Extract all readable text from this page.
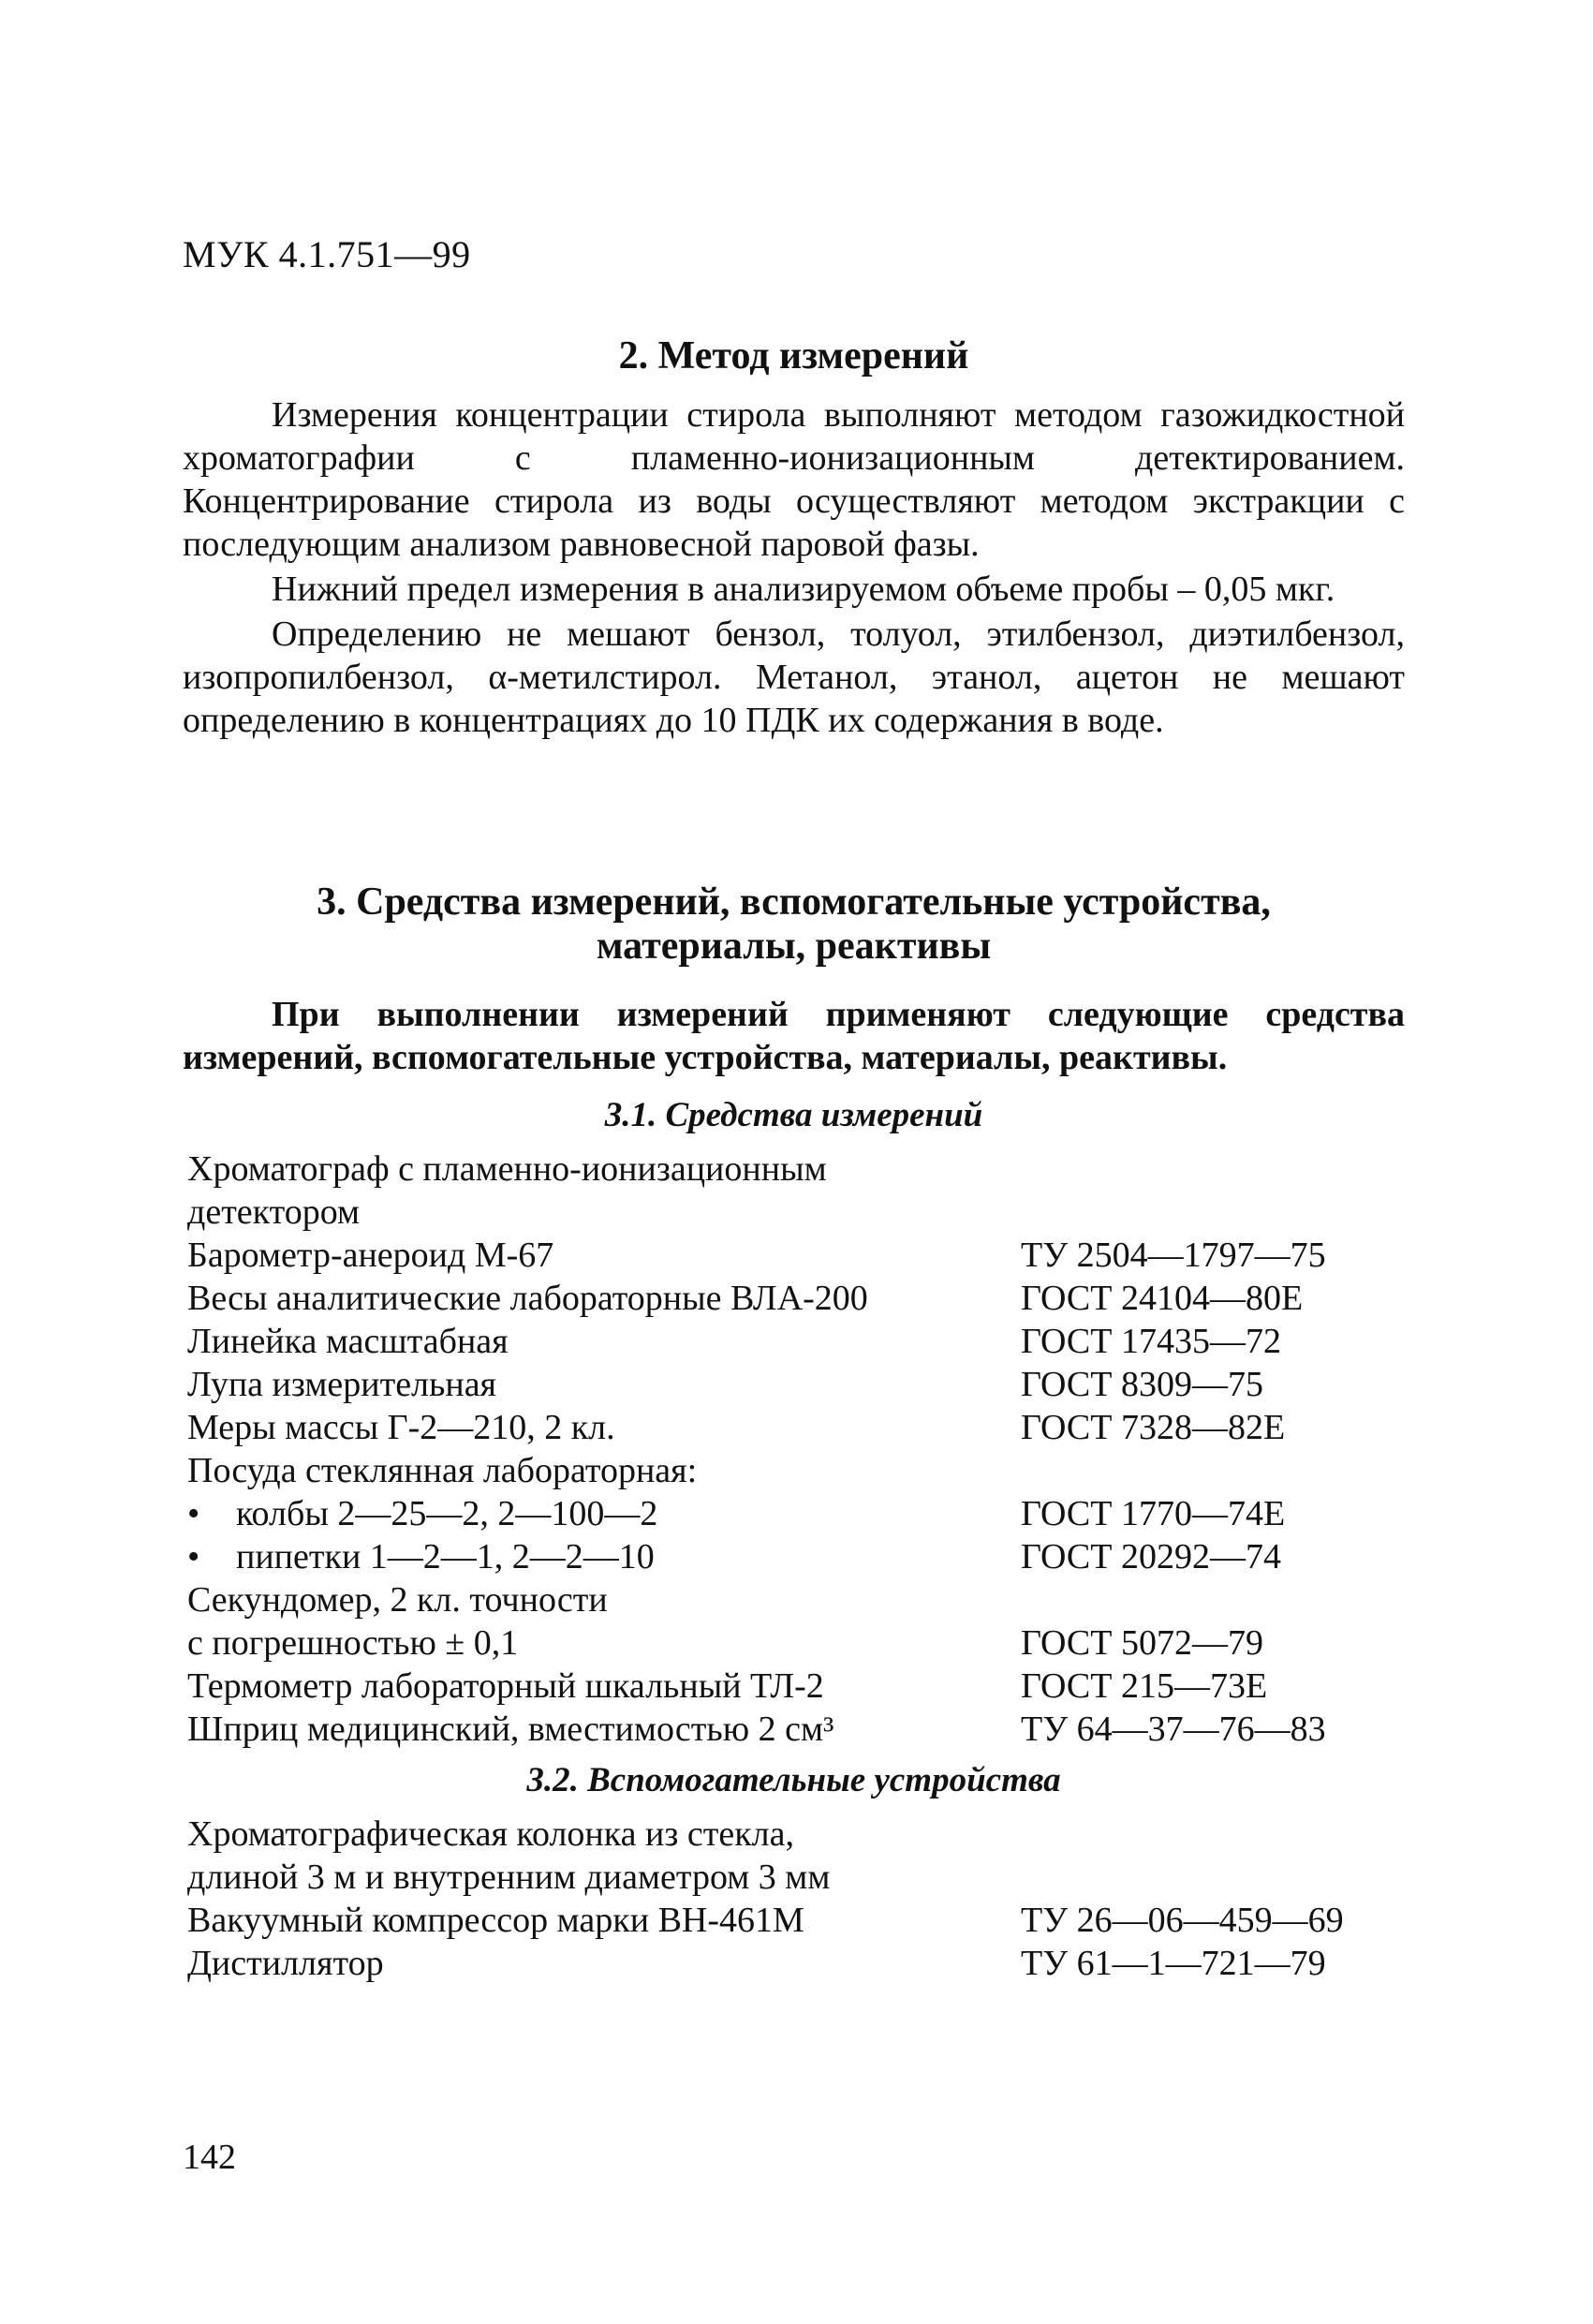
МУК 4.1.751—99
2. Метод измерений

Измерения концентрации стирола выполняют методом газожидкостной хроматографии с пламенно-ионизационным детектированием. Концентрирование стирола из воды осуществляют методом экстракции с последующим анализом равновесной паровой фазы.

Нижний предел измерения в анализируемом объеме пробы – 0,05 мкг.

Определению не мешают бензол, толуол, этилбензол, диэтилбензол, изопропилбензол, α-метилстирол. Метанол, этанол, ацетон не мешают определению в концентрациях до 10 ПДК их содержания в воде.

3. Средства измерений, вспомогательные устройства,
материалы, реактивы

При выполнении измерений применяют следующие средства измерений, вспомогательные устройства, материалы, реактивы.

3.1. Средства измерений
Хроматограф с пламенно-ионизационным
детектором
Барометр-анероид М-67	ТУ 2504—1797—75
Весы аналитические лабораторные ВЛА-200	ГОСТ 24104—80Е
Линейка масштабная	ГОСТ 17435—72
Лупа измерительная	ГОСТ 8309—75
Меры массы Г-2—210, 2 кл.	ГОСТ 7328—82Е
Посуда стеклянная лабораторная:
• колбы 2—25—2, 2—100—2	ГОСТ 1770—74Е
• пипетки 1—2—1, 2—2—10	ГОСТ 20292—74
Секундомер, 2 кл. точности
с погрешностью ± 0,1	ГОСТ 5072—79
Термометр лабораторный шкальный ТЛ-2	ГОСТ 215—73Е
Шприц медицинский, вместимостью 2 см³	ТУ 64—37—76—83
3.2. Вспомогательные устройства
Хроматографическая колонка из стекла,
длиной 3 м и внутренним диаметром 3 мм
Вакуумный компрессор марки ВН-461М	ТУ 26—06—459—69
Дистиллятор	ТУ 61—1—721—79
142
